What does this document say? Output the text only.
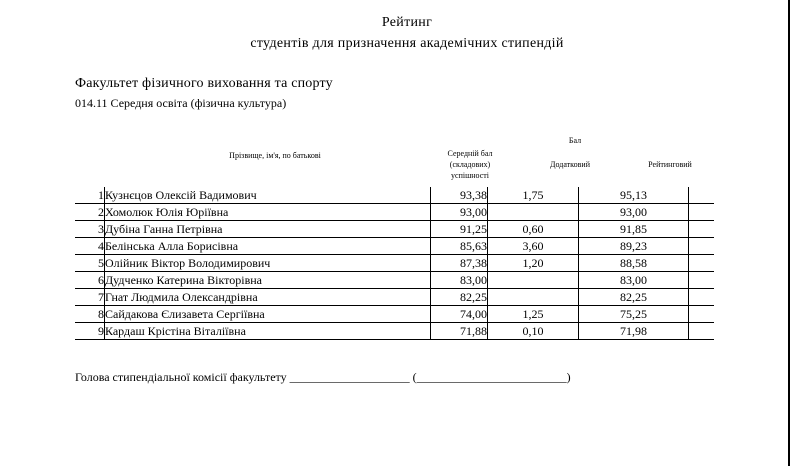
Рейтинг
студентів для призначення академічних стипендій
Факультет фізичного виховання та спорту
014.11 Середня освіта (фізична культура)
Прізвище, ім'я, по батькові
Бал
Середній бал
(складових)
успішності
Додатковий	Рейтинговий
1	Кузнєцов Олексій Вадимович	93,38	1,75	95,13	
2	Хомолюк Юлія Юріївна	93,00		93,00	
3	Дубіна Ганна Петрівна	91,25	0,60	91,85	
4	Белінська Алла Борисівна	85,63	3,60	89,23	
5	Олійник Віктор Володимирович	87,38	1,20	88,58	
6	Дудченко Катерина Вікторівна	83,00		83,00	
7	Гнат Людмила Олександрівна	82,25		82,25	
8	Сайдакова Єлизавета Сергіївна	74,00	1,25	75,25	
9	Кардаш Крістіна Віталіївна	71,88	0,10	71,98	
Голова стипендіальної комісії факультету ____________________ (_________________________)
